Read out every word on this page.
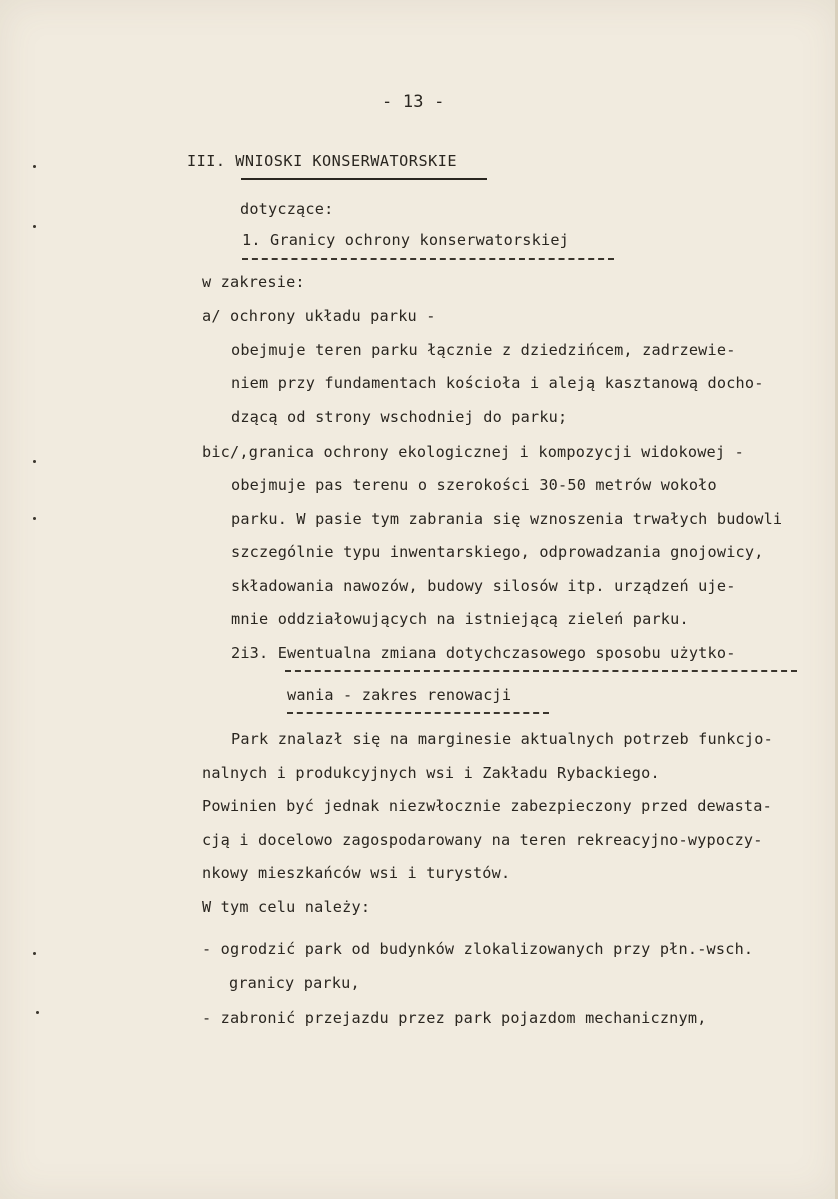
- 13 -
III. WNIOSKI KONSERWATORSKIE
dotyczące:
1. Granicy ochrony konserwatorskiej
w zakresie:
a/ ochrony układu parku -
obejmuje teren parku łącznie z dziedzińcem, zadrzewie-
niem przy fundamentach kościoła i aleją kasztanową docho-
dzącą od strony wschodniej do parku;
bic/,granica ochrony ekologicznej i kompozycji widokowej -
obejmuje pas terenu o szerokości 30-50 metrów wokoło
parku. W pasie tym zabrania się wznoszenia trwałych budowli
szczególnie typu inwentarskiego, odprowadzania gnojowicy,
składowania nawozów, budowy silosów itp. urządzeń uje-
mnie oddziałowujących na istniejącą zieleń parku.
2i3. Ewentualna zmiana dotychczasowego sposobu użytko-
wania - zakres renowacji
Park znalazł się na marginesie aktualnych potrzeb funkcjo-
nalnych i produkcyjnych wsi i Zakładu Rybackiego.
Powinien być jednak niezwłocznie zabezpieczony przed dewasta-
cją i docelowo zagospodarowany na teren rekreacyjno-wypoczy-
nkowy mieszkańców wsi i turystów.
W tym celu należy:
- ogrodzić park od budynków zlokalizowanych przy płn.-wsch.
granicy parku,
- zabronić przejazdu przez park pojazdom mechanicznym,
